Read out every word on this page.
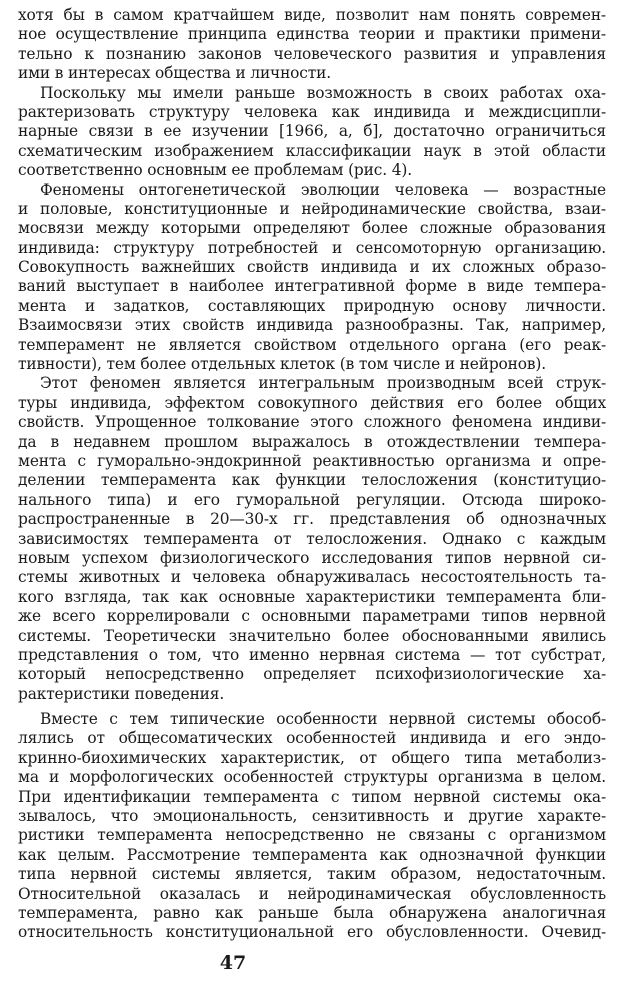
хотя бы в самом кратчайшем виде, позволит нам понять современ-
ное осуществление принципа единства теории и практики примени-
тельно к познанию законов человеческого развития и управления
ими в интересах общества и личности.
Поскольку мы имели раньше возможность в своих работах оха-
рактеризовать структуру человека как индивида и междисципли-
нарные связи в ее изучении [1966, а, б], достаточно ограничиться
схематическим изображением классификации наук в этой области
соответственно основным ее проблемам (рис. 4).
Феномены онтогенетической эволюции человека — возрастные
и половые, конституционные и нейродинамические свойства, взаи-
мосвязи между которыми определяют более сложные образования
индивида: структуру потребностей и сенсомоторную организацию.
Совокупность важнейших свойств индивида и их сложных образо-
ваний выступает в наиболее интегративной форме в виде темпера-
мента и задатков, составляющих природную основу личности.
Взаимосвязи этих свойств индивида разнообразны. Так, например,
темперамент не является свойством отдельного органа (его реак-
тивности), тем более отдельных клеток (в том числе и нейронов).
Этот феномен является интегральным производным всей струк-
туры индивида, эффектом совокупного действия его более общих
свойств. Упрощенное толкование этого сложного феномена индиви-
да в недавнем прошлом выражалось в отождествлении темпера-
мента с гуморально-эндокринной реактивностью организма и опре-
делении темперамента как функции телосложения (конституцио-
нального типа) и его гуморальной регуляции. Отсюда широко-
распространенные в 20—30-х гг. представления об однозначных
зависимостях темперамента от телосложения. Однако с каждым
новым успехом физиологического исследования типов нервной си-
стемы животных и человека обнаруживалась несостоятельность та-
кого взгляда, так как основные характеристики темперамента бли-
же всего коррелировали с основными параметрами типов нервной
системы. Теоретически значительно более обоснованными явились
представления о том, что именно нервная система — тот субстрат,
который непосредственно определяет психофизиологические ха-
рактеристики поведения.
Вместе с тем типические особенности нервной системы обособ-
лялись от общесоматических особенностей индивида и его эндо-
кринно-биохимических характеристик, от общего типа метаболиз-
ма и морфологических особенностей структуры организма в целом.
При идентификации темперамента с типом нервной системы ока-
зывалось, что эмоциональность, сензитивность и другие характе-
ристики темперамента непосредственно не связаны с организмом
как целым. Рассмотрение темперамента как однозначной функции
типа нервной системы является, таким образом, недостаточным.
Относительной оказалась и нейродинамическая обусловленность
темперамента, равно как раньше была обнаружена аналогичная
относительность конституциональной его обусловленности. Очевид-
47
